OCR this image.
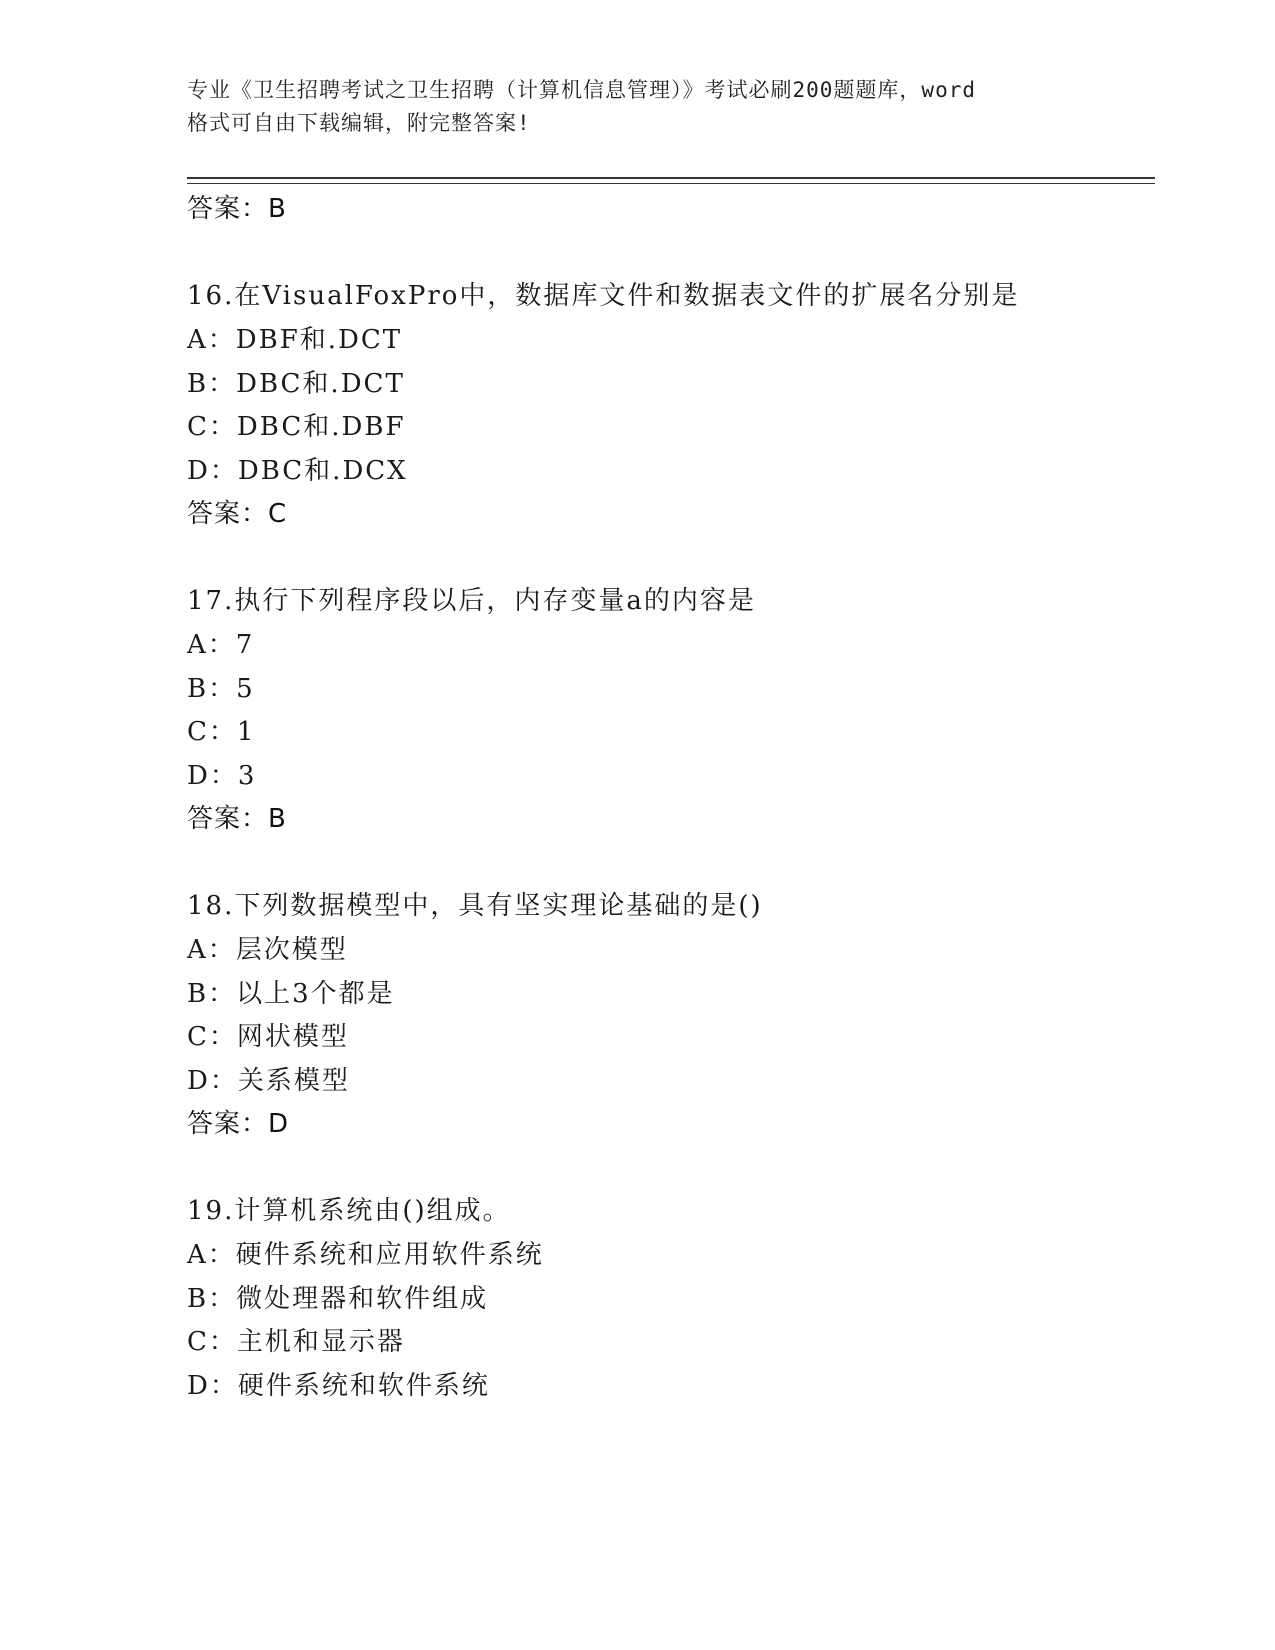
专业《卫生招聘考试之卫生招聘（计算机信息管理）》考试必刷200题题库，word
格式可自由下载编辑，附完整答案!
答案：B
16.在VisualFoxPro中，数据库文件和数据表文件的扩展名分别是
A：DBF和.DCT
B：DBC和.DCT
C：DBC和.DBF
D：DBC和.DCX
答案：C
17.执行下列程序段以后，内存变量a的内容是
A：7
B：5
C：1
D：3
答案：B
18.下列数据模型中，具有坚实理论基础的是()
A：层次模型
B：以上3个都是
C：网状模型
D：关系模型
答案：D
19.计算机系统由()组成。
A：硬件系统和应用软件系统
B：微处理器和软件组成
C：主机和显示器
D：硬件系统和软件系统
